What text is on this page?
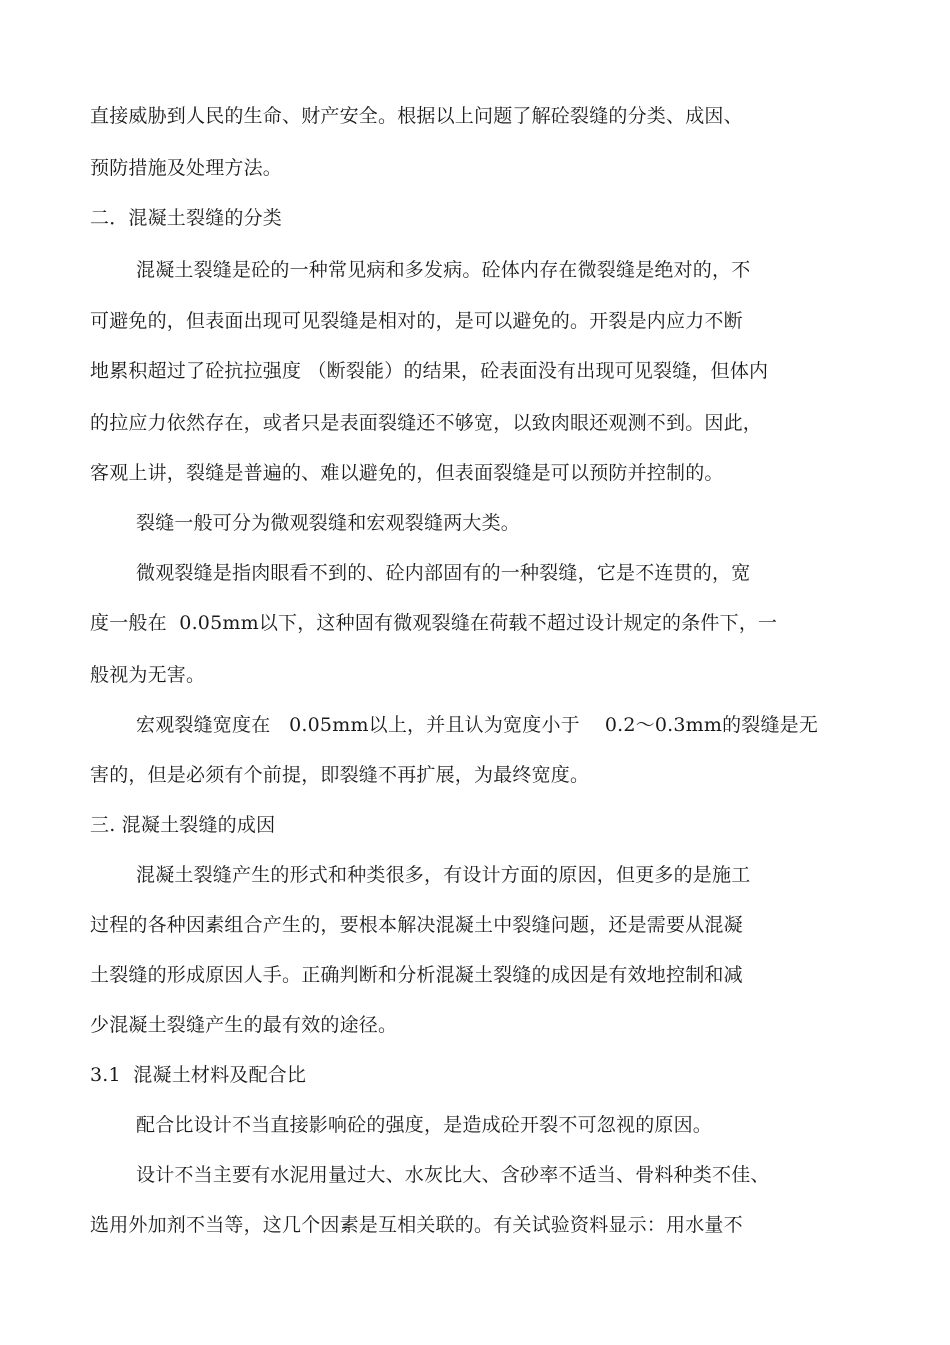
直接威胁到人民的生命、财产安全。根据以上问题了解砼裂缝的分类、成因、
预防措施及处理方法。
二．混凝土裂缝的分类
混凝土裂缝是砼的一种常见病和多发病。砼体内存在微裂缝是绝对的，不
可避免的，但表面出现可见裂缝是相对的，是可以避免的。开裂是内应力不断
地累积超过了砼抗拉强度 （断裂能）的结果，砼表面没有出现可见裂缝，但体内
的拉应力依然存在，或者只是表面裂缝还不够宽，以致肉眼还观测不到。因此，
客观上讲，裂缝是普遍的、难以避免的，但表面裂缝是可以预防并控制的。
裂缝一般可分为微观裂缝和宏观裂缝两大类。
微观裂缝是指肉眼看不到的、砼内部固有的一种裂缝，它是不连贯的，宽
度一般在  0.05mm以下，这种固有微观裂缝在荷载不超过设计规定的条件下，一
般视为无害。
宏观裂缝宽度在   0.05mm以上，并且认为宽度小于    0.2～0.3mm的裂缝是无
害的，但是必须有个前提，即裂缝不再扩展，为最终宽度。
三. 混凝土裂缝的成因
混凝土裂缝产生的形式和种类很多，有设计方面的原因，但更多的是施工
过程的各种因素组合产生的，要根本解决混凝土中裂缝问题，还是需要从混凝
土裂缝的形成原因人手。正确判断和分析混凝土裂缝的成因是有效地控制和减
少混凝土裂缝产生的最有效的途径。
3.1  混凝土材料及配合比
配合比设计不当直接影响砼的强度，是造成砼开裂不可忽视的原因。
设计不当主要有水泥用量过大、水灰比大、含砂率不适当、骨料种类不佳、
选用外加剂不当等，这几个因素是互相关联的。有关试验资料显示：用水量不
